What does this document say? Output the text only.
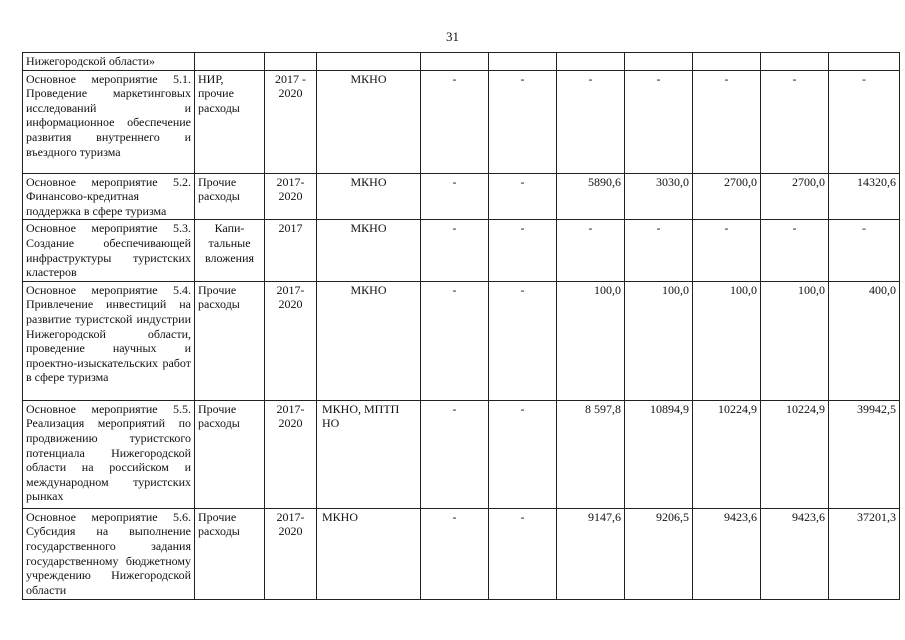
31
Нижегородской области»										
Основное мероприятие 5.1. Проведение маркетинговых исследований и информационное обеспечение развития внутреннего и въездного туризма	НИР, прочие расходы	2017 - 2020	МКНО	-	-	-	-	-	-	-
Основное мероприятие 5.2. Финансово-кредитная поддержка в сфере туризма	Прочие расходы	2017- 2020	МКНО	-	-	5890,6	3030,0	2700,0	2700,0	14320,6
Основное мероприятие 5.3. Создание обеспечивающей инфраструктуры туристских кластеров	Капи- тальные вложения	2017	МКНО	-	-	-	-	-	-	-
Основное мероприятие 5.4. Привлечение инвестиций на развитие туристской индустрии Нижегородской области, проведение научных и проектно-изыскательских работ в сфере туризма	Прочие расходы	2017- 2020	МКНО	-	-	100,0	100,0	100,0	100,0	400,0
Основное мероприятие 5.5. Реализация мероприятий по продвижению туристского потенциала Нижегородской области на российском и международном туристских рынках	Прочие расходы	2017- 2020	МКНО, МПТП НО	-	-	8 597,8	10894,9	10224,9	10224,9	39942,5
Основное мероприятие 5.6. Субсидия на выполнение государственного задания государственному бюджетному учреждению Нижегородской области	Прочие расходы	2017- 2020	МКНО	-	-	9147,6	9206,5	9423,6	9423,6	37201,3
